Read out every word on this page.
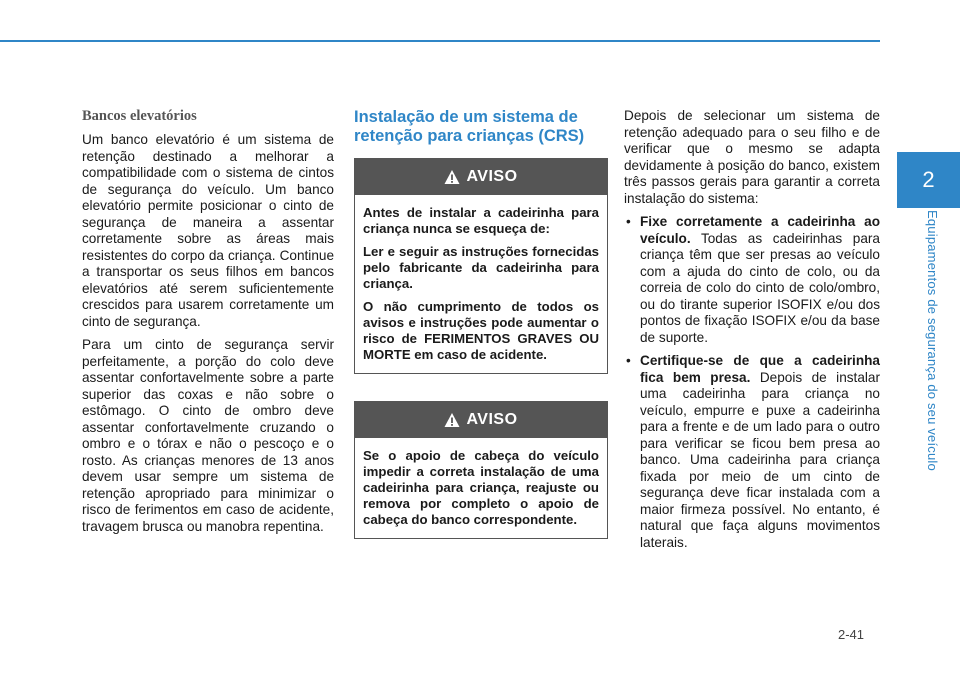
2
Equipamentos de segurança do seu veículo
Bancos elevatórios

Um banco elevatório é um sistema de retenção destinado a melhorar a compatibilidade com o sistema de cintos de segurança do veículo. Um banco elevatório permite posicionar o cinto de segurança de maneira a assentar corretamente sobre as áreas mais resistentes do corpo da criança. Continue a transportar os seus filhos em bancos elevatórios até serem suficientemente crescidos para usarem corretamente um cinto de segurança.

Para um cinto de segurança servir perfeitamente, a porção do colo deve assentar confortavelmente sobre a parte superior das coxas e não sobre o estômago. O cinto de ombro deve assentar confortavelmente cruzando o ombro e o tórax e não o pescoço e o rosto. As crianças menores de 13 anos devem usar sempre um sistema de retenção apropriado para minimizar o risco de ferimentos em caso de acidente, travagem brusca ou manobra repentina.

Instalação de um sistema de retenção para crianças (CRS)
AVISO

Antes de instalar a cadeirinha para criança nunca se esqueça de:

Ler e seguir as instruções fornecidas pelo fabricante da cadeirinha para criança.

O não cumprimento de todos os avisos e instruções pode aumentar o risco de FERIMENTOS GRAVES OU MORTE em caso de acidente.

AVISO

Se o apoio de cabeça do veículo impedir a correta instalação de uma cadeirinha para criança, reajuste ou remova por completo o apoio de cabeça do banco correspondente.

Depois de selecionar um sistema de retenção adequado para o seu filho e de verificar que o mesmo se adapta devidamente à posição do banco, existem três passos gerais para garantir a correta instalação do sistema:

• Fixe corretamente a cadeirinha ao veículo. Todas as cadeirinhas para criança têm que ser presas ao veículo com a ajuda do cinto de colo, ou da correia de colo do cinto de colo/ombro, ou do tirante superior ISOFIX e/ou dos pontos de fixação ISOFIX e/ou da base de suporte.
• Certifique-se de que a cadeirinha fica bem presa. Depois de instalar uma cadeirinha para criança no veículo, empurre e puxe a cadeirinha para a frente e de um lado para o outro para verificar se ficou bem presa ao banco. Uma cadeirinha para criança fixada por meio de um cinto de segurança deve ficar instalada com a maior firmeza possível. No entanto, é natural que faça alguns movimentos laterais.
2-41
